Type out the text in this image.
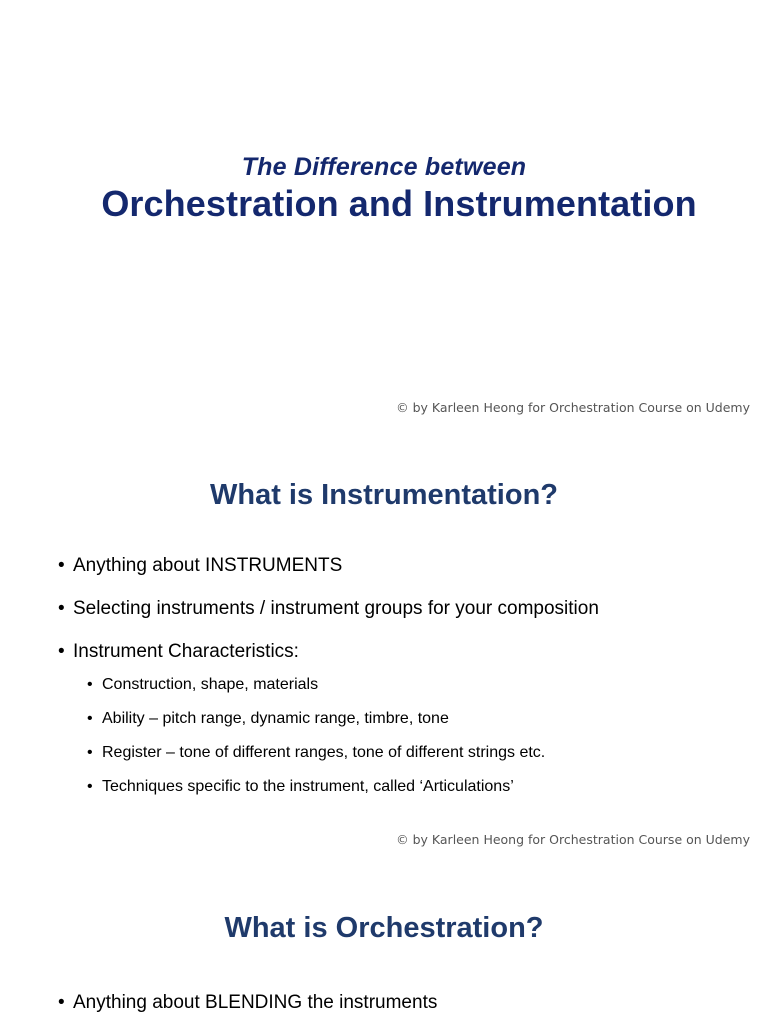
The Difference between
Orchestration and Instrumentation
© by Karleen Heong for Orchestration Course on Udemy
What is Instrumentation?
• Anything about INSTRUMENTS
• Selecting instruments / instrument groups for your composition
• Instrument Characteristics:
• Construction, shape, materials
• Ability – pitch range, dynamic range, timbre, tone
• Register – tone of different ranges, tone of different strings etc.
• Techniques specific to the instrument, called ‘Articulations’
© by Karleen Heong for Orchestration Course on Udemy
What is Orchestration?
• Anything about BLENDING the instruments
